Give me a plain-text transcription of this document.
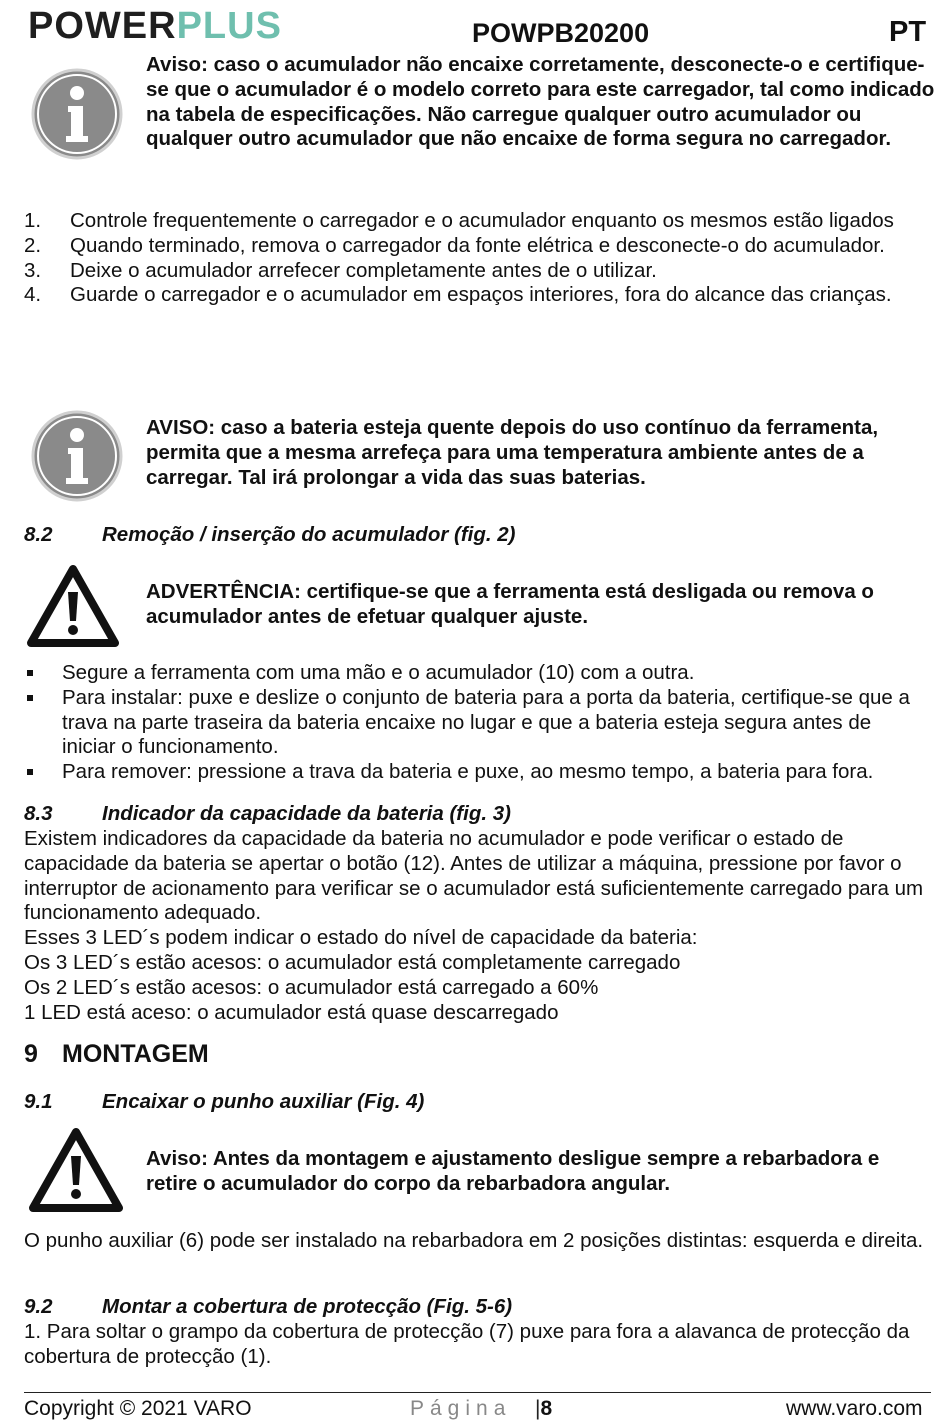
POWERPLUS	POWPB20200	PT
Aviso: caso o acumulador não encaixe corretamente, desconecte-o e certifique-se que o acumulador é o modelo correto para este carregador, tal como indicado na tabela de especificações. Não carregue qualquer outro acumulador ou qualquer outro acumulador que não encaixe de forma segura no carregador.
1. Controle frequentemente o carregador e o acumulador enquanto os mesmos estão ligados
2. Quando terminado, remova o carregador da fonte elétrica e desconecte-o do acumulador.
3. Deixe o acumulador arrefecer completamente antes de o utilizar.
4. Guarde o carregador e o acumulador em espaços interiores, fora do alcance das crianças.
AVISO: caso a bateria esteja quente depois do uso contínuo da ferramenta, permita que a mesma arrefeça para uma temperatura ambiente antes de a carregar. Tal irá prolongar a vida das suas baterias.
8.2 Remoção / inserção do acumulador (fig. 2)
ADVERTÊNCIA: certifique-se que a ferramenta está desligada ou remova o acumulador antes de efetuar qualquer ajuste.
Segure a ferramenta com uma mão e o acumulador (10) com a outra.
Para instalar: puxe e deslize o conjunto de bateria para a porta da bateria, certifique-se que a trava na parte traseira da bateria encaixe no lugar e que a bateria esteja segura antes de iniciar o funcionamento.
Para remover: pressione a trava da bateria e puxe, ao mesmo tempo, a bateria para fora.
8.3 Indicador da capacidade da bateria (fig. 3)
Existem indicadores da capacidade da bateria no acumulador e pode verificar o estado de capacidade da bateria se apertar o botão (12). Antes de utilizar a máquina, pressione por favor o interruptor de acionamento para verificar se o acumulador está suficientemente carregado para um funcionamento adequado.
Esses 3 LED´s podem indicar o estado do nível de capacidade da bateria:
Os 3 LED´s estão acesos: o acumulador está completamente carregado
Os 2 LED´s estão acesos: o acumulador está carregado a 60%
1 LED está aceso: o acumulador está quase descarregado
9 MONTAGEM
9.1 Encaixar o punho auxiliar (Fig. 4)
Aviso: Antes da montagem e ajustamento desligue sempre a rebarbadora e retire o acumulador do corpo da rebarbadora angular.
O punho auxiliar (6) pode ser instalado na rebarbadora em 2 posições distintas: esquerda e direita.
9.2 Montar a cobertura de protecção (Fig. 5-6)
1. Para soltar o grampo da cobertura de protecção (7) puxe para fora a alavanca de protecção da cobertura de protecção (1).
Copyright © 2021 VARO	Página |8	www.varo.com
